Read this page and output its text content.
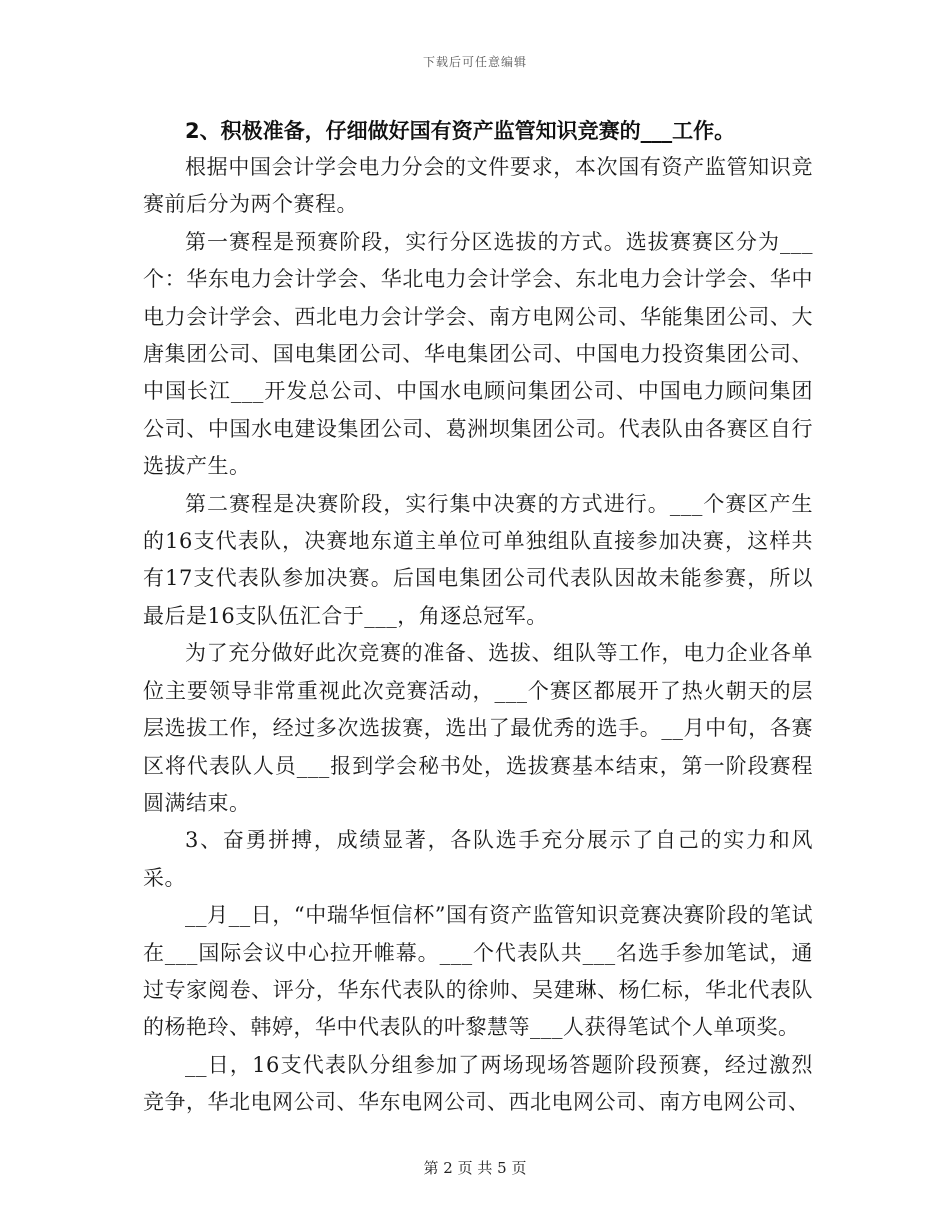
下载后可任意编辑
2、积极准备，仔细做好国有资产监管知识竞赛的___工作。

根据中国会计学会电力分会的文件要求，本次国有资产监管知识竞赛前后分为两个赛程。

第一赛程是预赛阶段，实行分区选拔的方式。选拔赛赛区分为___个：华东电力会计学会、华北电力会计学会、东北电力会计学会、华中电力会计学会、西北电力会计学会、南方电网公司、华能集团公司、大唐集团公司、国电集团公司、华电集团公司、中国电力投资集团公司、中国长江___开发总公司、中国水电顾问集团公司、中国电力顾问集团公司、中国水电建设集团公司、葛洲坝集团公司。代表队由各赛区自行选拔产生。

第二赛程是决赛阶段，实行集中决赛的方式进行。___个赛区产生的16支代表队，决赛地东道主单位可单独组队直接参加决赛，这样共有17支代表队参加决赛。后国电集团公司代表队因故未能参赛，所以最后是16支队伍汇合于___，角逐总冠军。

为了充分做好此次竞赛的准备、选拔、组队等工作，电力企业各单位主要领导非常重视此次竞赛活动，___个赛区都展开了热火朝天的层层选拔工作，经过多次选拔赛，选出了最优秀的选手。__月中旬，各赛区将代表队人员___报到学会秘书处，选拔赛基本结束，第一阶段赛程圆满结束。

3、奋勇拼搏，成绩显著，各队选手充分展示了自己的实力和风采。

__月__日，“中瑞华恒信杯”国有资产监管知识竞赛决赛阶段的笔试在___国际会议中心拉开帷幕。___个代表队共___名选手参加笔试，通过专家阅卷、评分，华东代表队的徐帅、吴建琳、杨仁标，华北代表队的杨艳玲、韩婷，华中代表队的叶黎慧等___人获得笔试个人单项奖。

__日，16支代表队分组参加了两场现场答题阶段预赛，经过激烈竞争，华北电网公司、华东电网公司、西北电网公司、南方电网公司、

第 2 页 共 5 页
